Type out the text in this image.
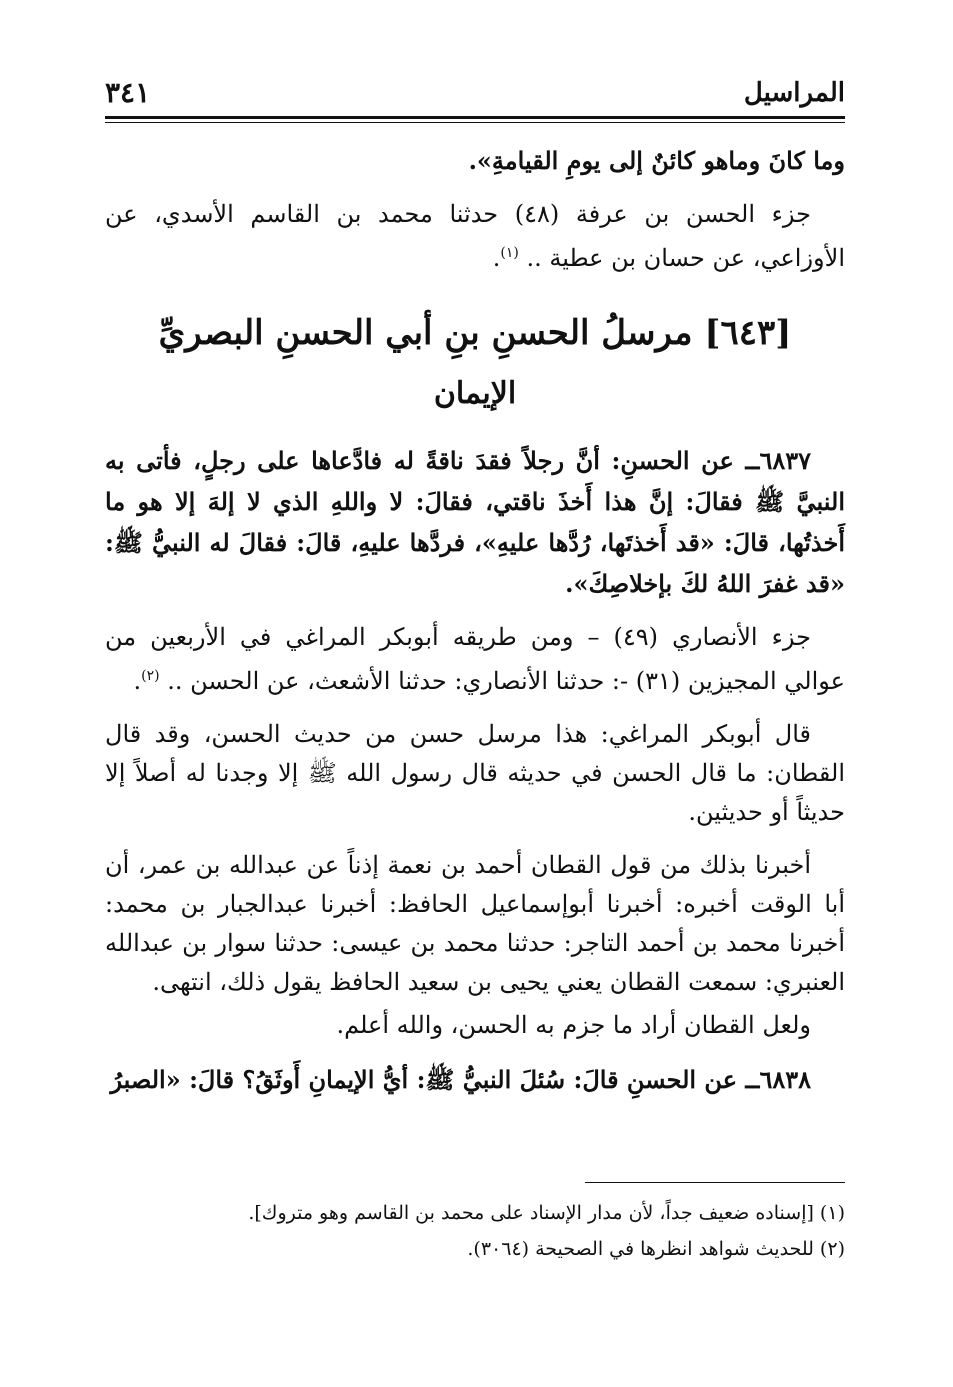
المراسيل
٣٤١

وما كانَ وماهو كائنٌ إلى يومِ القيامةِ».

جزء الحسن بن عرفة (٤٨) حدثنا محمد بن القاسم الأسدي، عن الأوزاعي، عن حسان بن عطية .. $^{(١)}$.

[٦٤٣] مرسلُ الحسنِ بنِ أبي الحسنِ البصريِّ
الإيمان

٦٨٣٧ــ عن الحسنِ: أنَّ رجلاً فقدَ ناقةً له فادَّعاها على رجلٍ، فأتى به النبيَّ ﷺ فقالَ: إنَّ هذا أَخذَ ناقتي، فقالَ: لا واللهِ الذي لا إلهَ إلا هو ما أَخذتُها، قالَ: «قد أَخذتَها، رُدَّها عليهِ»، فردَّها عليهِ، قالَ: فقالَ له النبيُّ ﷺ: «قد غفرَ اللهُ لكَ بإخلاصِكَ».

جزء الأنصاري (٤٩) – ومن طريقه أبوبكر المراغي في الأربعين من عوالي المجيزين (٣١) -: حدثنا الأنصاري: حدثنا الأشعث، عن الحسن .. $^{(٢)}$.

قال أبوبكر المراغي: هذا مرسل حسن من حديث الحسن، وقد قال القطان: ما قال الحسن في حديثه قال رسول الله ﷺ إلا وجدنا له أصلاً إلا حديثاً أو حديثين.

أخبرنا بذلك من قول القطان أحمد بن نعمة إذناً عن عبدالله بن عمر، أن أبا الوقت أخبره: أخبرنا أبوإسماعيل الحافظ: أخبرنا عبدالجبار بن محمد: أخبرنا محمد بن أحمد التاجر: حدثنا محمد بن عيسى: حدثنا سوار بن عبدالله العنبري: سمعت القطان يعني يحيى بن سعيد الحافظ يقول ذلك، انتهى.

ولعل القطان أراد ما جزم به الحسن، والله أعلم.

٦٨٣٨ــ عن الحسنِ قالَ: سُئلَ النبيُّ ﷺ: أيُّ الإيمانِ أَوثَقُ؟ قالَ: «الصبرُ

(١) [إسناده ضعيف جداً، لأن مدار الإسناد على محمد بن القاسم وهو متروك].
(٢) للحديث شواهد انظرها في الصحيحة (٣٠٦٤).
